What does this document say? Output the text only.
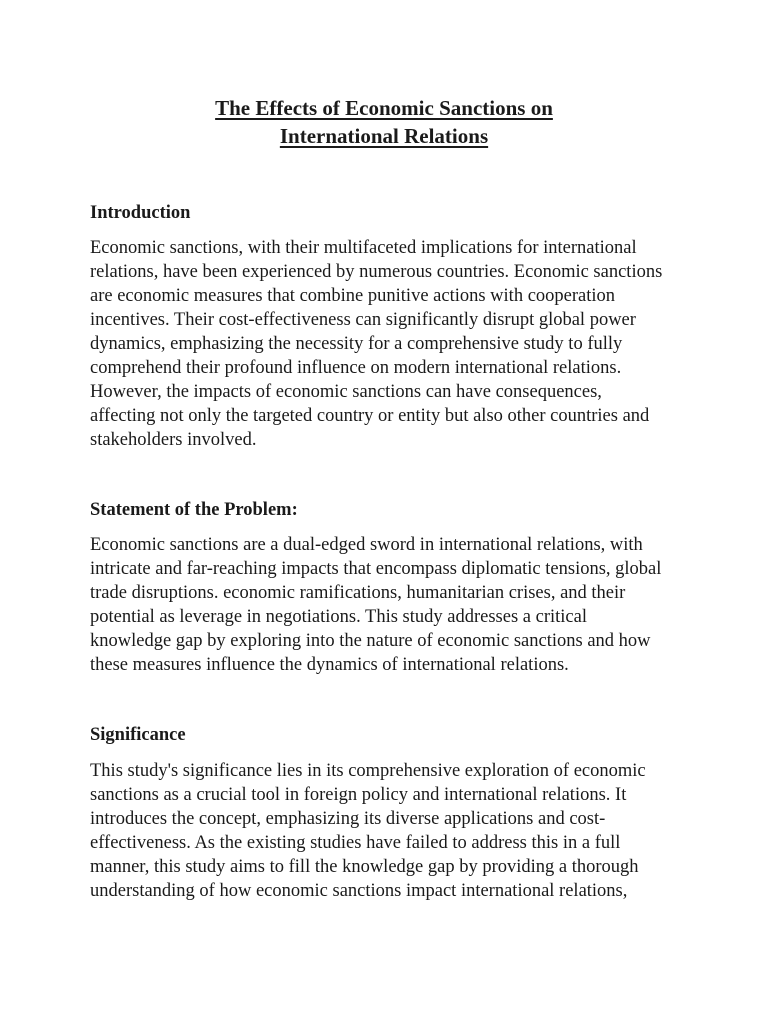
The Effects of Economic Sanctions on
International Relations
Introduction

Economic sanctions, with their multifaceted implications for international
relations, have been experienced by numerous countries. Economic sanctions
are economic measures that combine punitive actions with cooperation
incentives. Their cost-effectiveness can significantly disrupt global power
dynamics, emphasizing the necessity for a comprehensive study to fully
comprehend their profound influence on modern international relations.
However, the impacts of economic sanctions can have consequences,
affecting not only the targeted country or entity but also other countries and
stakeholders involved.

Statement of the Problem:

Economic sanctions are a dual-edged sword in international relations, with
intricate and far-reaching impacts that encompass diplomatic tensions, global
trade disruptions. economic ramifications, humanitarian crises, and their
potential as leverage in negotiations. This study addresses a critical
knowledge gap by exploring into the nature of economic sanctions and how
these measures influence the dynamics of international relations.

Significance

This study's significance lies in its comprehensive exploration of economic
sanctions as a crucial tool in foreign policy and international relations. It
introduces the concept, emphasizing its diverse applications and cost-
effectiveness. As the existing studies have failed to address this in a full
manner, this study aims to fill the knowledge gap by providing a thorough
understanding of how economic sanctions impact international relations,
